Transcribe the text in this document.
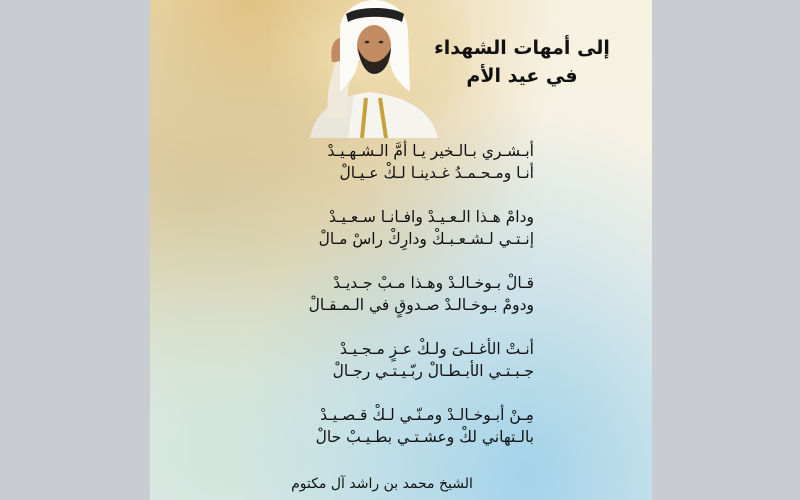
إلى أمهات الشهداء
في عيد الأم
أبـشـري بـالـخير يـا أمَّ الـشـهـيـدْ
أنـا ومـحـمـدُ غـدينـا لـكْ عـيـالْ
ودامْ هـذا الـعـيـدْ وافـانـا سـعـيـدْ
إنـتـي لـشـعـبـكْ ودارِكْ راسْ مـالْ
قـالْ بـوخـالـدْ وهـذا مـبْ جـديـدْ
ودومْ بـوخـالـدْ صـدوقٍ في الـمـقـالْ
أنـتْ الأغـلـىَ ولـكْ عـزٍ مـجـيـدْ
جـبـتـي الأبـطـالْ ربّـيـتـي رجـالْ
مِـنْ أبـوخـالـدْ ومـنّـي لـكْ قـصـيـدْ
بالـتهاني لكْ وعشـتـي بطـيـبْ حالْ
الشيخ محمد بن راشد آل مكتوم
